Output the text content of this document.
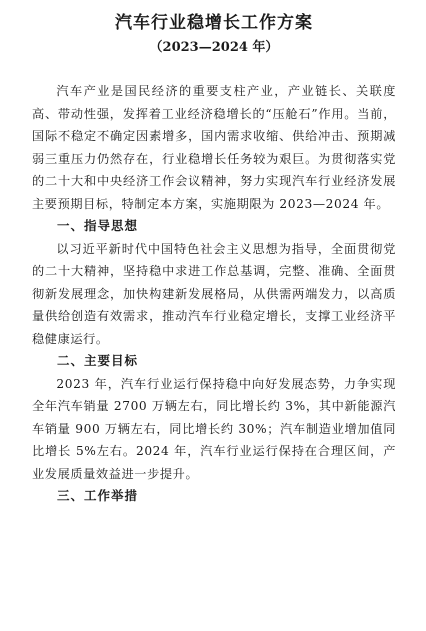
汽车行业稳增长工作方案
（2023—2024 年）

汽车产业是国民经济的重要支柱产业，产业链长、关联度高、带动性强，发挥着工业经济稳增长的“压舱石”作用。当前，国际不稳定不确定因素增多，国内需求收缩、供给冲击、预期减弱三重压力仍然存在，行业稳增长任务较为艰巨。为贯彻落实党的二十大和中央经济工作会议精神，努力实现汽车行业经济发展主要预期目标，特制定本方案，实施期限为 2023—2024 年。

一、指导思想

以习近平新时代中国特色社会主义思想为指导，全面贯彻党的二十大精神，坚持稳中求进工作总基调，完整、准确、全面贯彻新发展理念，加快构建新发展格局，从供需两端发力，以高质量供给创造有效需求，推动汽车行业稳定增长，支撑工业经济平稳健康运行。

二、主要目标

2023 年，汽车行业运行保持稳中向好发展态势，力争实现全年汽车销量 2700 万辆左右，同比增长约 3%，其中新能源汽车销量 900 万辆左右，同比增长约 30%；汽车制造业增加值同比增长 5%左右。2024 年，汽车行业运行保持在合理区间，产业发展质量效益进一步提升。

三、工作举措
